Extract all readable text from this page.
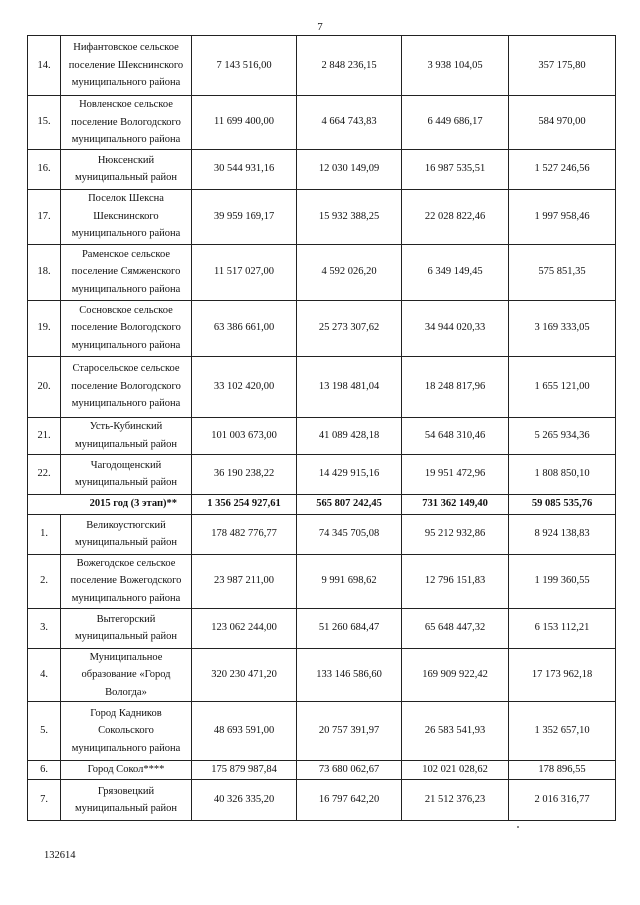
7
14.	Нифантовское сельское поселение Шекснинского муниципального района	7 143 516,00	2 848 236,15	3 938 104,05	357 175,80
15.	Новленское сельское поселение Вологодского муниципального района	11 699 400,00	4 664 743,83	6 449 686,17	584 970,00
16.	Нюксенский муниципальный район	30 544 931,16	12 030 149,09	16 987 535,51	1 527 246,56
17.	Поселок Шексна Шекснинского муниципального района	39 959 169,17	15 932 388,25	22 028 822,46	1 997 958,46
18.	Раменское сельское поселение Сямженского муниципального района	11 517 027,00	4 592 026,20	6 349 149,45	575 851,35
19.	Сосновское сельское поселение Вологодского муниципального района	63 386 661,00	25 273 307,62	34 944 020,33	3 169 333,05
20.	Старосельское сельское поселение Вологодского муниципального района	33 102 420,00	13 198 481,04	18 248 817,96	1 655 121,00
21.	Усть-Кубинский муниципальный район	101 003 673,00	41 089 428,18	54 648 310,46	5 265 934,36
22.	Чагодощенский муниципальный район	36 190 238,22	14 429 915,16	19 951 472,96	1 808 850,10
2015 год (3 этап)**		1 356 254 927,61	565 807 242,45	731 362 149,40	59 085 535,76
1.	Великоустюгский муниципальный район	178 482 776,77	74 345 705,08	95 212 932,86	8 924 138,83
2.	Вожегодское сельское поселение Вожегодского муниципального района	23 987 211,00	9 991 698,62	12 796 151,83	1 199 360,55
3.	Вытегорский муниципальный район	123 062 244,00	51 260 684,47	65 648 447,32	6 153 112,21
4.	Муниципальное образование «Город Вологда»	320 230 471,20	133 146 586,60	169 909 922,42	17 173 962,18
5.	Город Кадников Сокольского муниципального района	48 693 591,00	20 757 391,97	26 583 541,93	1 352 657,10
6.	Город Сокол****	175 879 987,84	73 680 062,67	102 021 028,62	178 896,55
7.	Грязовецкий муниципальный район	40 326 335,20	16 797 642,20	21 512 376,23	2 016 316,77
132614
